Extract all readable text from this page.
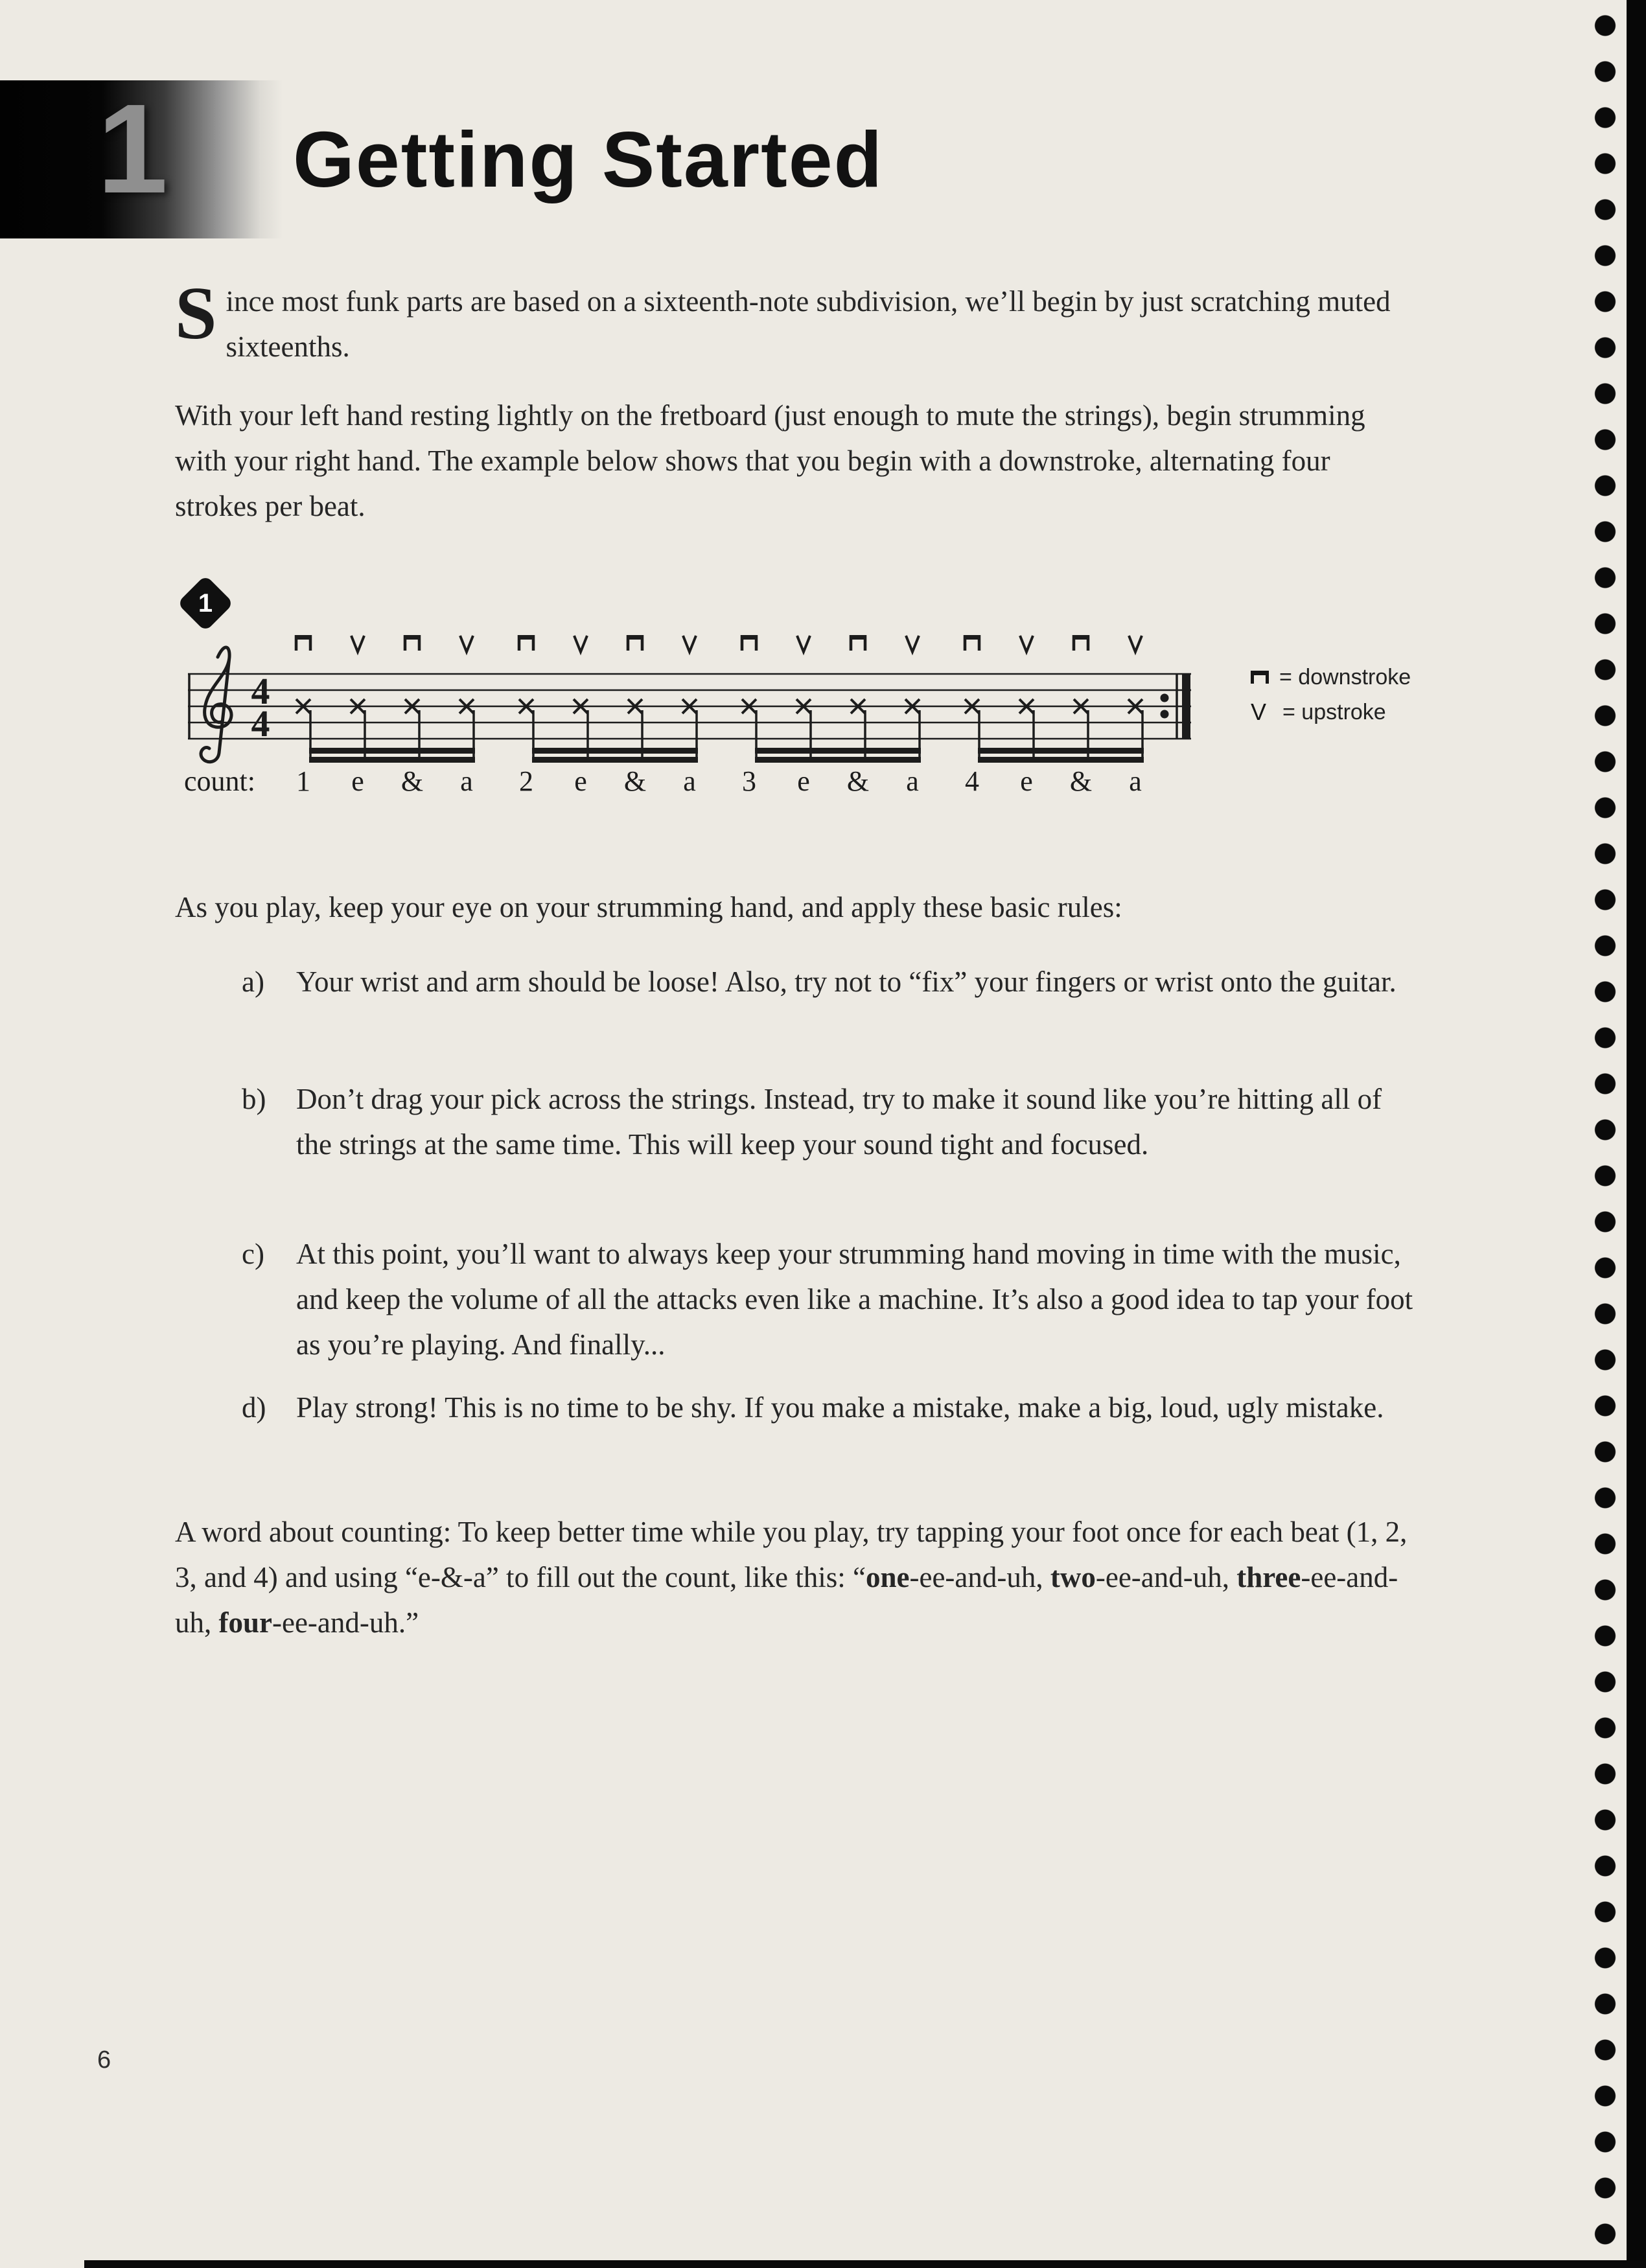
1 Getting Started
Since most funk parts are based on a sixteenth-note subdivision, we’ll begin by just scratching muted sixteenths.
With your left hand resting lightly on the fretboard (just enough to mute the strings), begin strumming with your right hand. The example below shows that you begin with a downstroke, alternating four strokes per beat.
1
4
4
count: 1 e & a 2 e & a 3 e & a 4 e & a
= downstroke
V = upstroke
As you play, keep your eye on your strumming hand, and apply these basic rules:
a) Your wrist and arm should be loose! Also, try not to “fix” your fingers or wrist onto the guitar.
b) Don’t drag your pick across the strings. Instead, try to make it sound like you’re hitting all of the strings at the same time. This will keep your sound tight and focused.
c) At this point, you’ll want to always keep your strumming hand moving in time with the music, and keep the volume of all the attacks even like a machine. It’s also a good idea to tap your foot as you’re playing. And finally...
d) Play strong! This is no time to be shy. If you make a mistake, make a big, loud, ugly mistake.
A word about counting: To keep better time while you play, try tapping your foot once for each beat (1, 2, 3, and 4) and using “e-&-a” to fill out the count, like this: “one-ee-and-uh, two-ee-and-uh, three-ee-and-uh, four-ee-and-uh.”
6
